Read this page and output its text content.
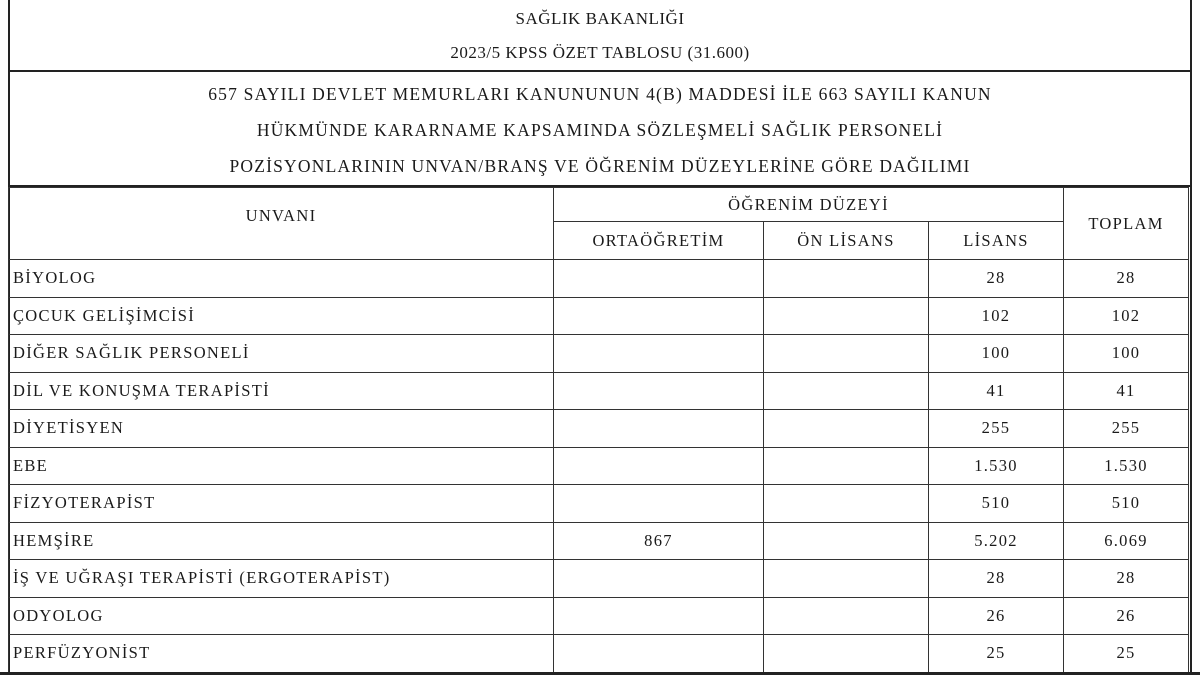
SAĞLIK BAKANLIĞI
2023/5 KPSS ÖZET TABLOSU (31.600)
657 SAYILI DEVLET MEMURLARI KANUNUNUN 4(B) MADDESİ İLE 663 SAYILI KANUN
HÜKMÜNDE KARARNAME KAPSAMINDA SÖZLEŞMELİ SAĞLIK PERSONELİ
POZİSYONLARININ UNVAN/BRANŞ VE ÖĞRENİM DÜZEYLERİNE GÖRE DAĞILIMI
UNVANI	ÖĞRENİM DÜZEYİ			TOPLAM
	ORTAÖĞRETİM	ÖN LİSANS	LİSANS	
BİYOLOG			28	28
ÇOCUK GELİŞİMCİSİ			102	102
DİĞER SAĞLIK PERSONELİ			100	100
DİL VE KONUŞMA TERAPİSTİ			41	41
DİYETİSYEN			255	255
EBE			1.530	1.530
FİZYOTERAPİST			510	510
HEMŞİRE	867		5.202	6.069
İŞ VE UĞRAŞI TERAPİSTİ (ERGOTERAPİST)			28	28
ODYOLOG			26	26
PERFÜZYONİST			25	25
